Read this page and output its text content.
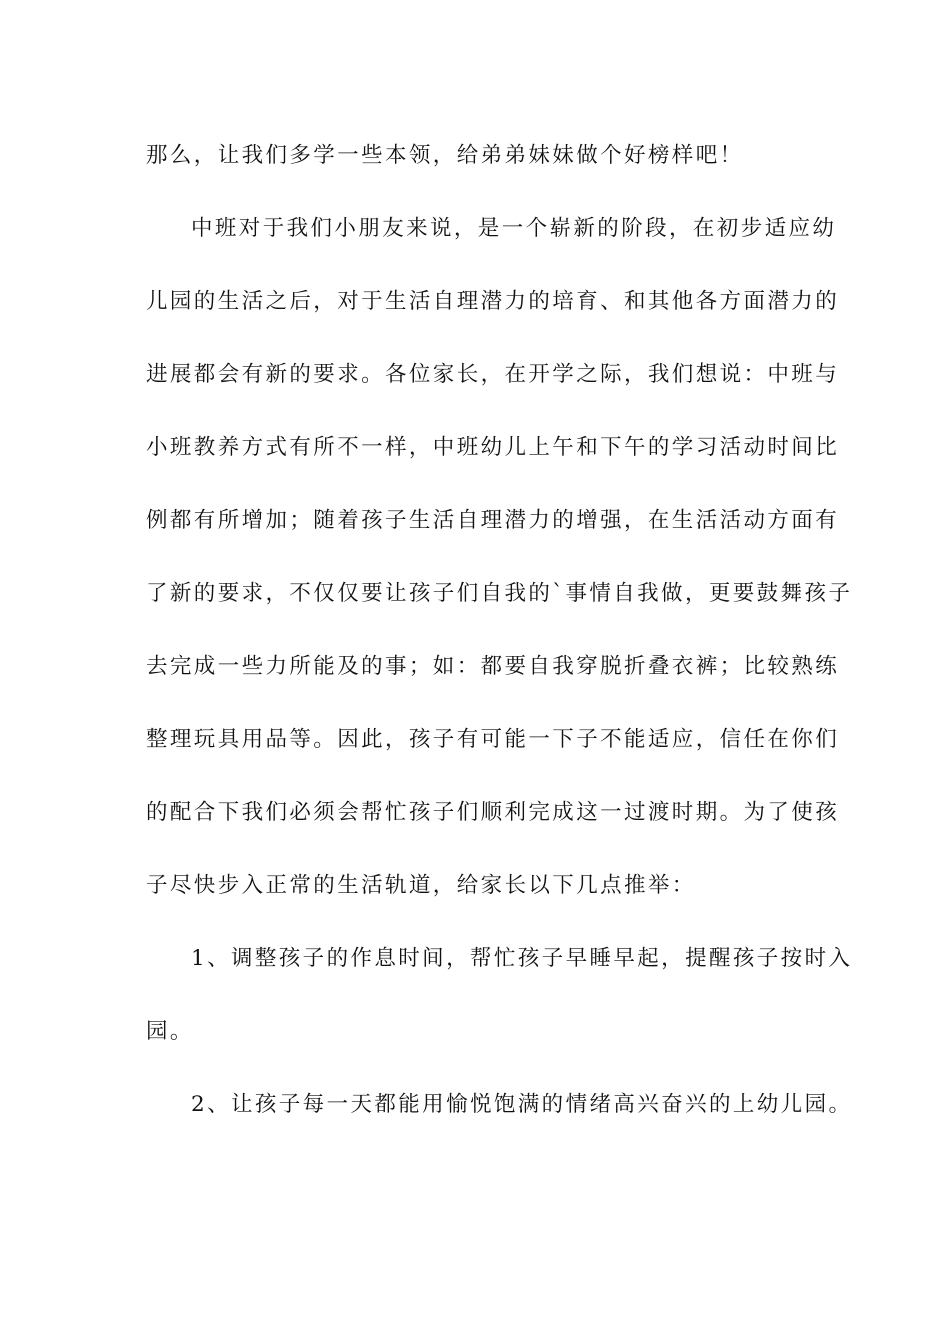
那么，让我们多学一些本领，给弟弟妹妹做个好榜样吧！
中班对于我们小朋友来说，是一个崭新的阶段，在初步适应幼
儿园的生活之后，对于生活自理潜力的培育、和其他各方面潜力的
进展都会有新的要求。各位家长，在开学之际，我们想说：中班与
小班教养方式有所不一样，中班幼儿上午和下午的学习活动时间比
例都有所增加；随着孩子生活自理潜力的增强，在生活活动方面有
了新的要求，不仅仅要让孩子们自我的`事情自我做，更要鼓舞孩子
去完成一些力所能及的事；如：都要自我穿脱折叠衣裤；比较熟练
整理玩具用品等。因此，孩子有可能一下子不能适应，信任在你们
的配合下我们必须会帮忙孩子们顺利完成这一过渡时期。为了使孩
子尽快步入正常的生活轨道，给家长以下几点推举：
1、调整孩子的作息时间，帮忙孩子早睡早起，提醒孩子按时入
园。
2、让孩子每一天都能用愉悦饱满的情绪高兴奋兴的上幼儿园。
